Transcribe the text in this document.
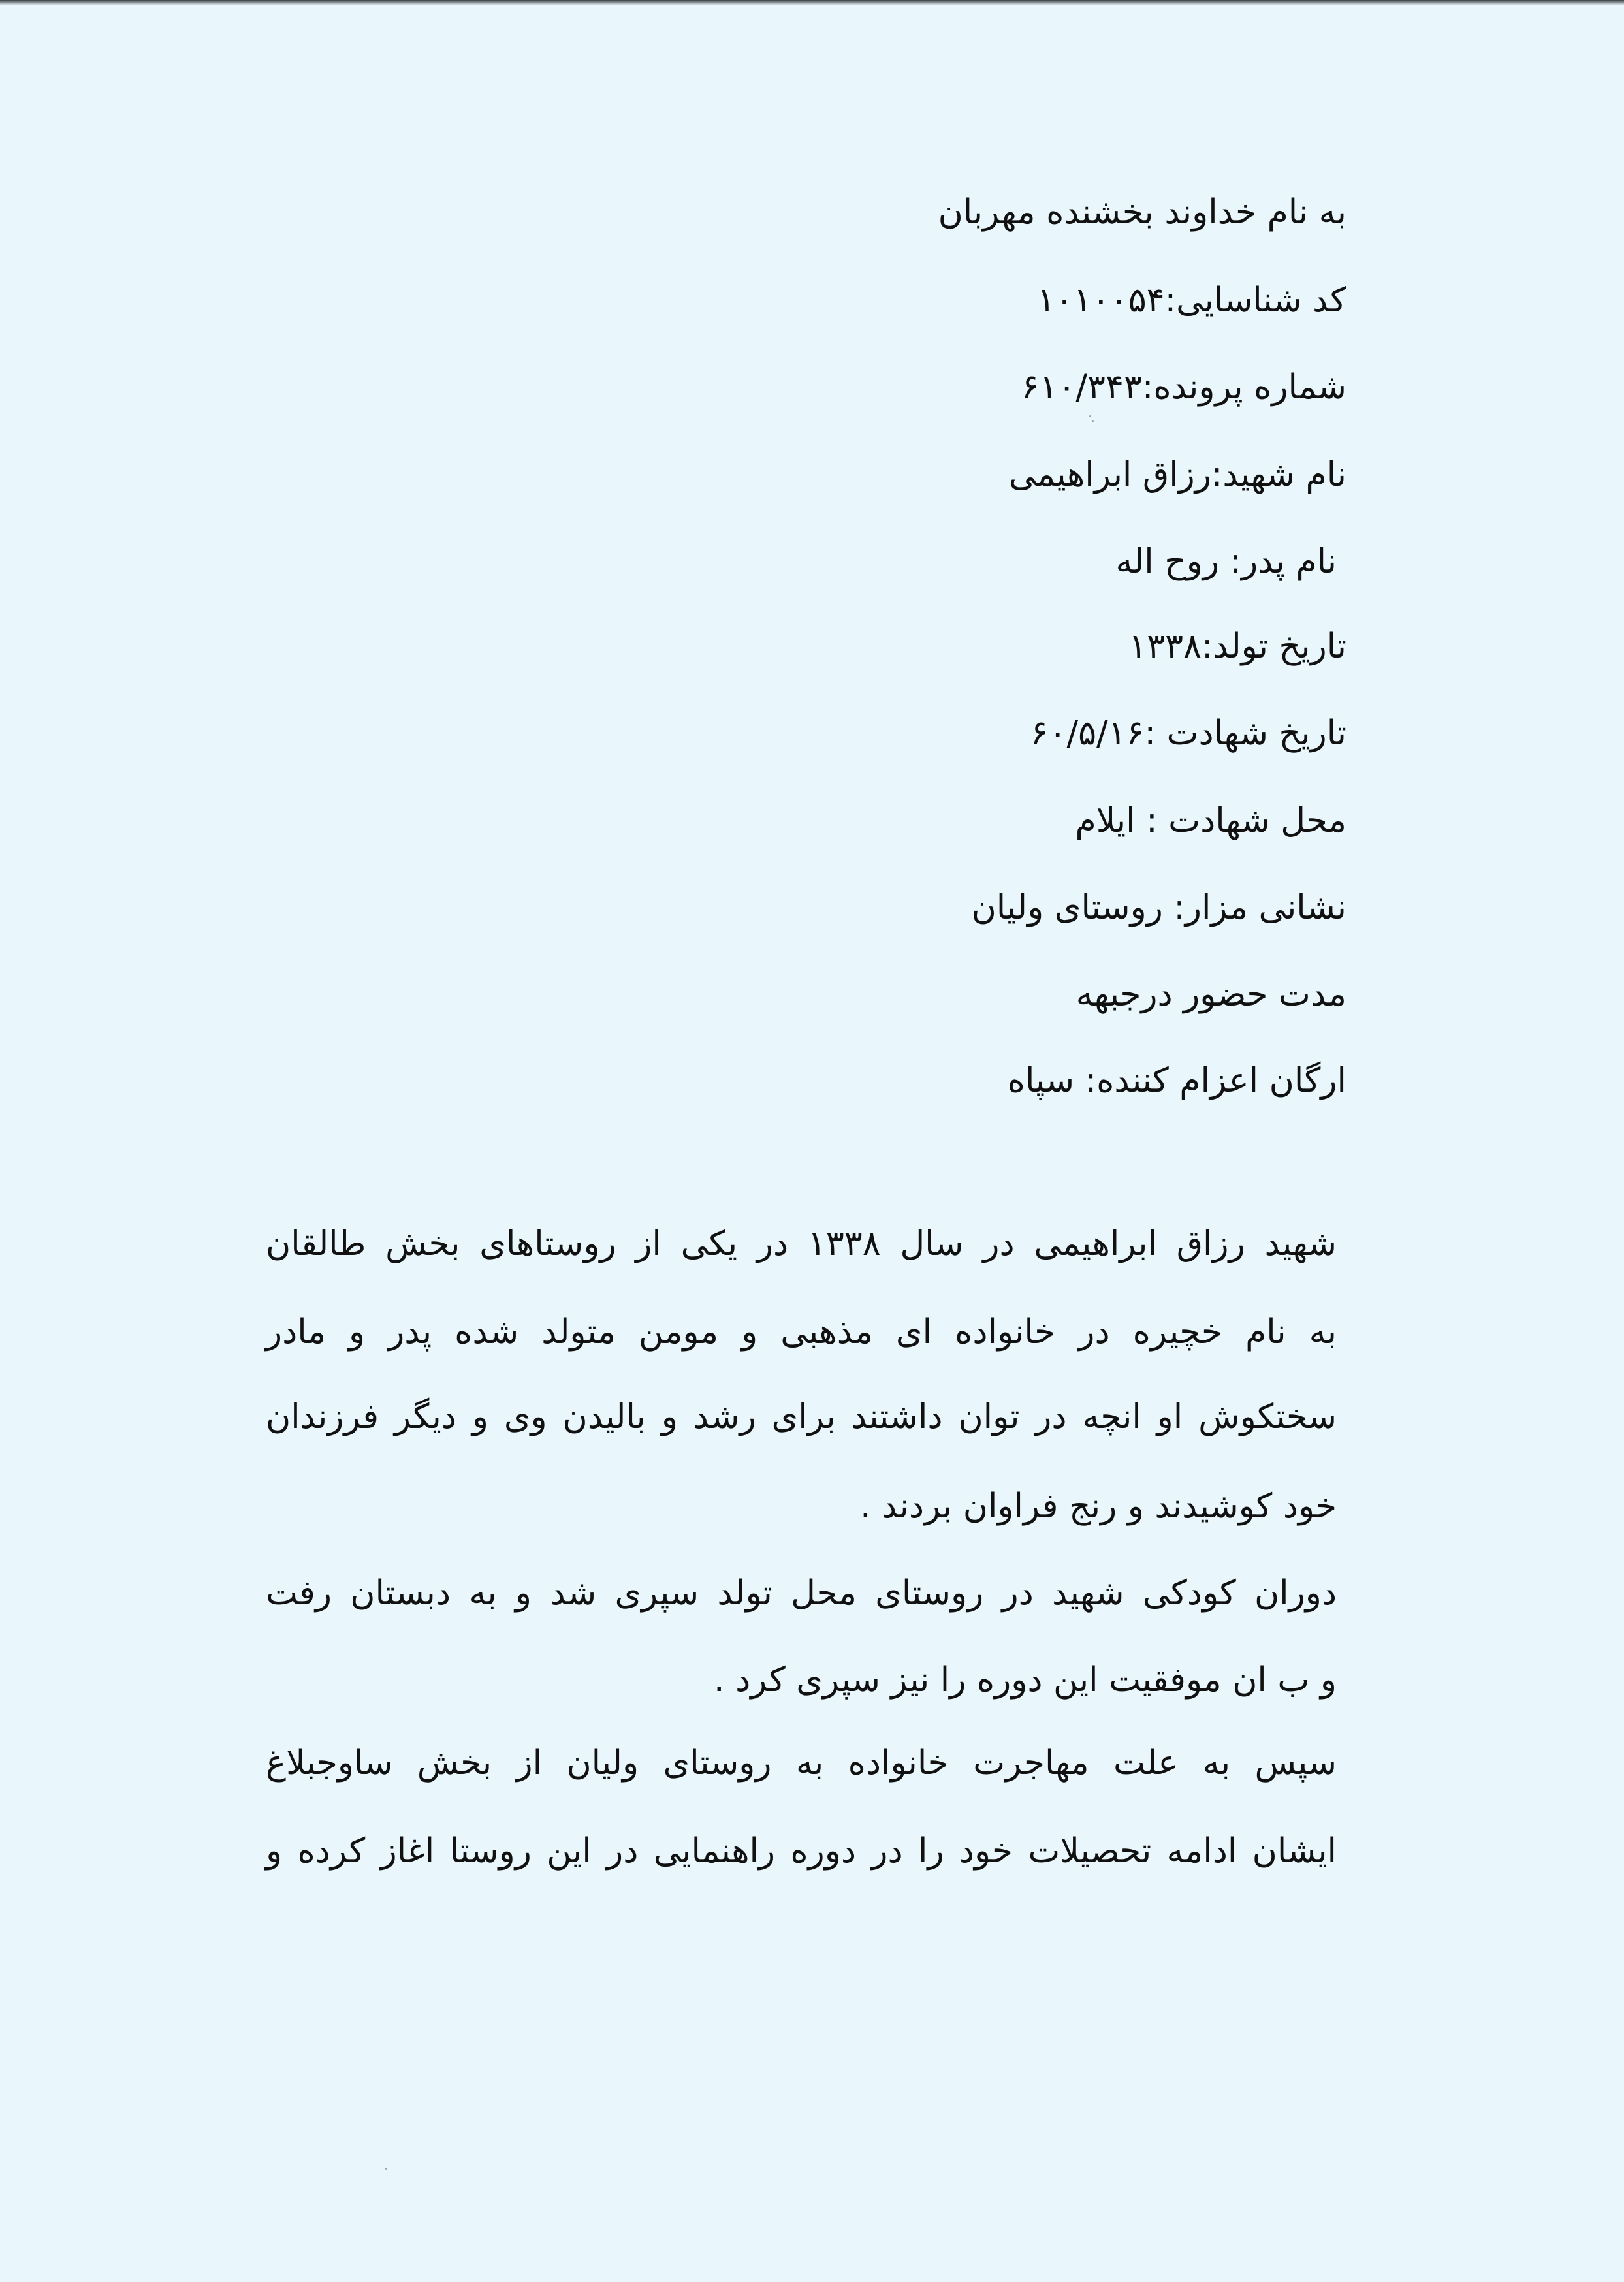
به نام خداوند بخشنده مهربان
کد شناسایی:۱۰۱۰۰۵۴
شماره پرونده:۶۱۰/۳۴۳
نام شهید:رزاق ابراهیمی
نام پدر: روح اله
تاریخ تولد:۱۳۳۸
تاریخ شهادت :۶۰/۵/۱۶
محل شهادت : ایلام
نشانی مزار: روستای ولیان
مدت حضور درجبهه
ارگان اعزام کننده: سپاه
شهید رزاق ابراهیمی در سال ۱۳۳۸ در یکی از روستاهای بخش طالقان
به نام خچیره در خانواده ای مذهبی و مومن متولد شده پدر و مادر
سختکوش او انچه در توان داشتند برای رشد و بالیدن وی و دیگر فرزندان
خود کوشیدند و رنج فراوان بردند .
دوران کودکی شهید در روستای محل تولد سپری شد و به دبستان رفت
و ب ان موفقیت این دوره را نیز سپری کرد .
سپس به علت مهاجرت خانواده به روستای ولیان از بخش ساوجبلاغ
ایشان ادامه تحصیلات خود را در دوره راهنمایی در این روستا اغاز کرده و
